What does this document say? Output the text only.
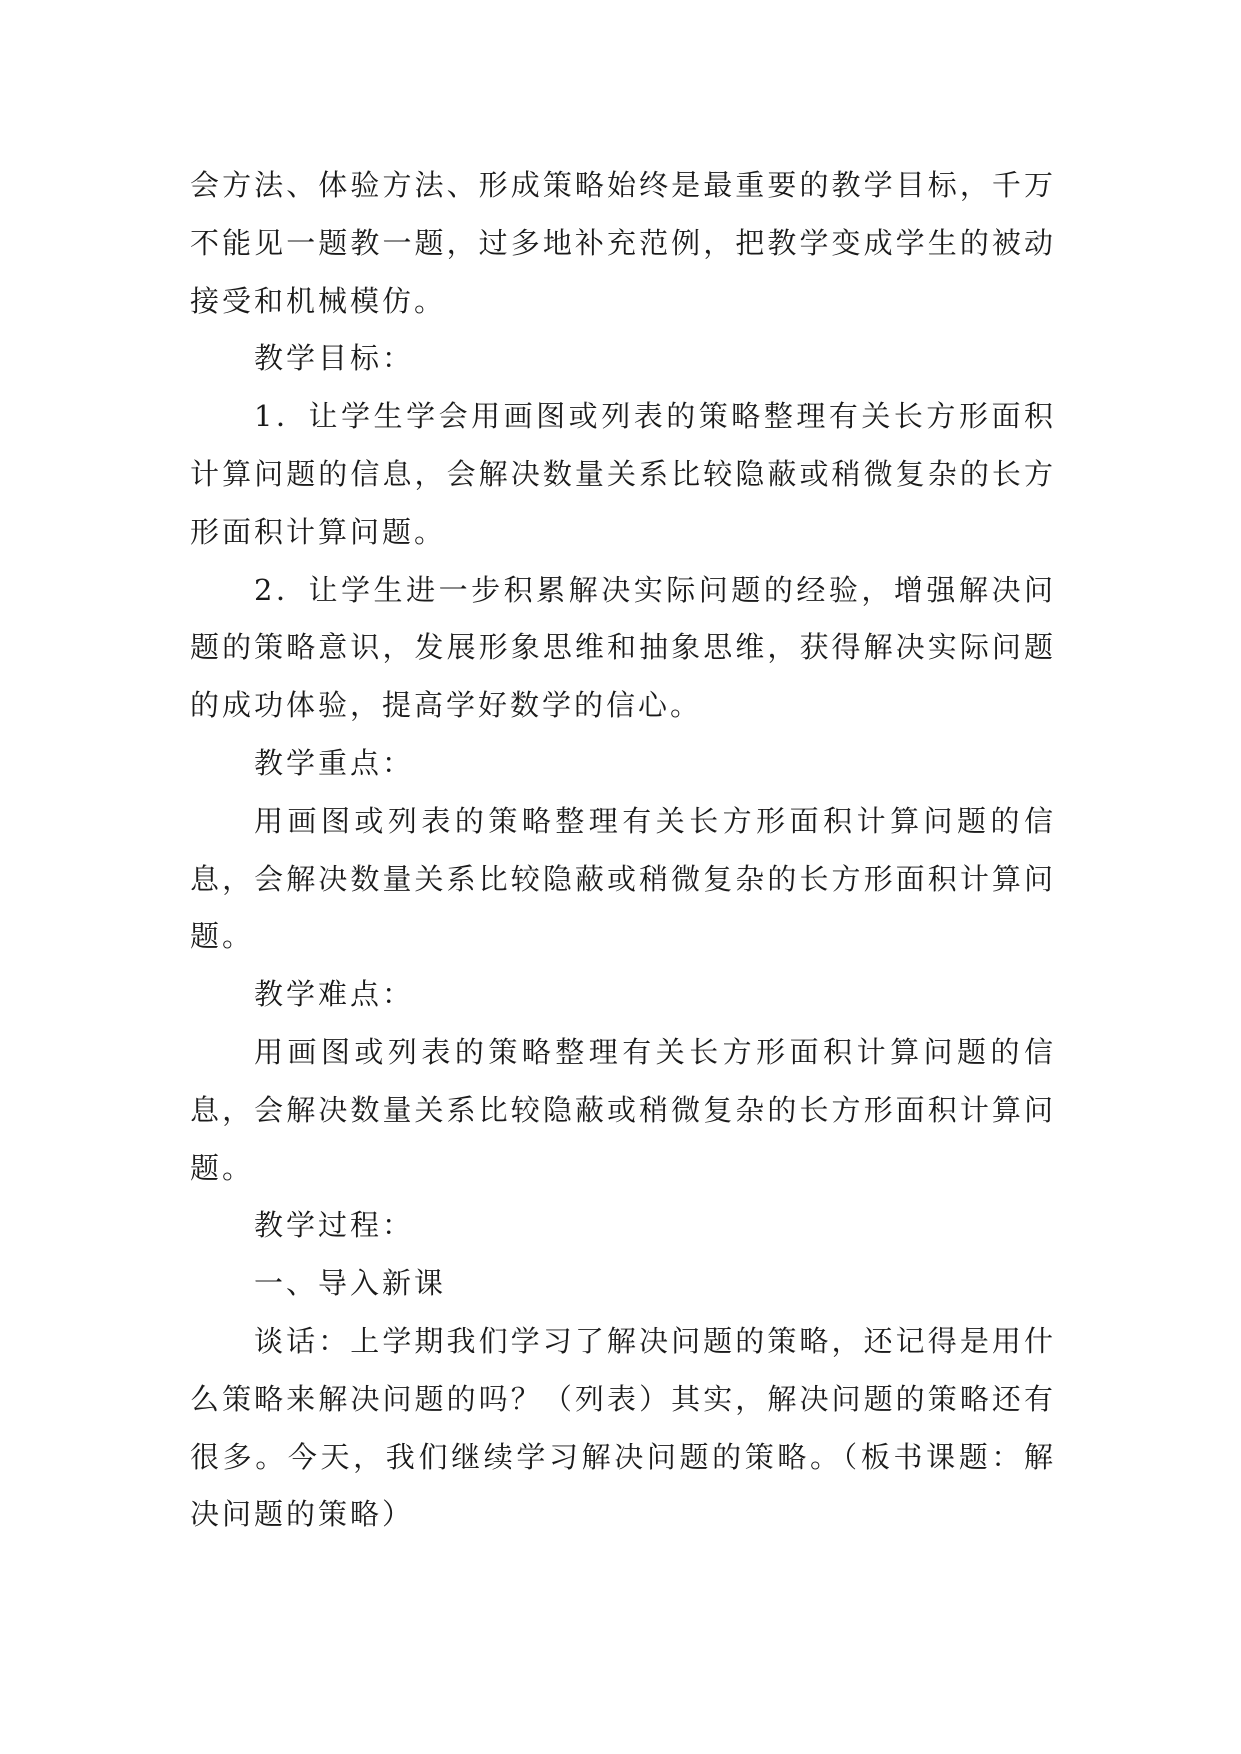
会方法、体验方法、形成策略始终是最重要的教学目标，千万不能见一题教一题，过多地补充范例，把教学变成学生的被动接受和机械模仿。

教学目标：

1．让学生学会用画图或列表的策略整理有关长方形面积计算问题的信息，会解决数量关系比较隐蔽或稍微复杂的长方形面积计算问题。

2．让学生进一步积累解决实际问题的经验，增强解决问题的策略意识，发展形象思维和抽象思维，获得解决实际问题的成功体验，提高学好数学的信心。

教学重点：

用画图或列表的策略整理有关长方形面积计算问题的信息，会解决数量关系比较隐蔽或稍微复杂的长方形面积计算问题。

教学难点：

用画图或列表的策略整理有关长方形面积计算问题的信息，会解决数量关系比较隐蔽或稍微复杂的长方形面积计算问题。

教学过程：

一、导入新课

谈话：上学期我们学习了解决问题的策略，还记得是用什么策略来解决问题的吗？（列表）其实，解决问题的策略还有很多。今天，我们继续学习解决问题的策略。（板书课题：解决问题的策略）
